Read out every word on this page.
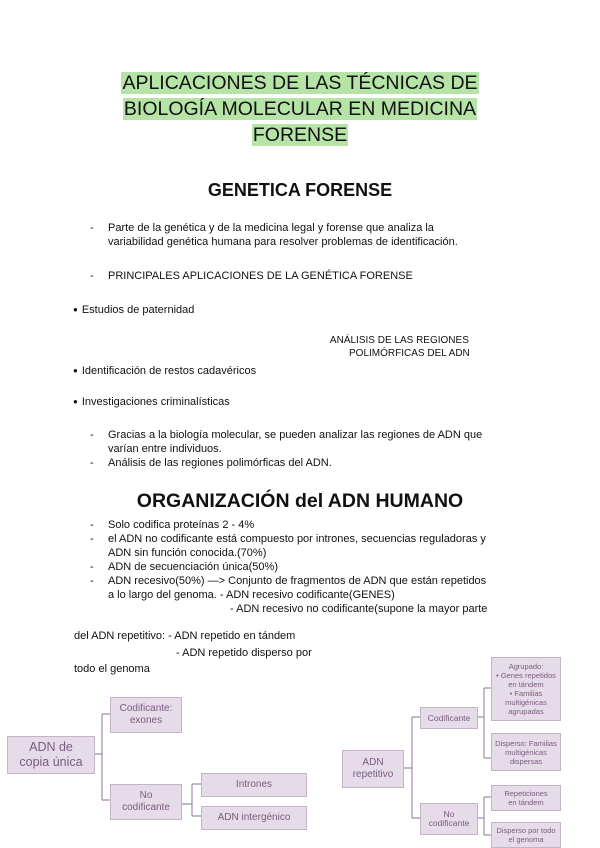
APLICACIONES DE LAS TÉCNICAS DE
BIOLOGÍA MOLECULAR EN MEDICINA
FORENSE
GENETICA FORENSE
- Parte de la genética y de la medicina legal y forense que analiza la
variabilidad genética humana para resolver problemas de identificación.
- PRINCIPALES APLICACIONES DE LA GENÉTICA FORENSE
● Estudios de paternidad
ANÁLISIS DE LAS REGIONES
POLIMÓRFICAS DEL ADN
● Identificación de restos cadavéricos
● Investigaciones criminalísticas
- Gracias a la biología molecular, se pueden analizar las regiones de ADN que
varían entre individuos.
- Análisis de las regiones polimórficas del ADN.
ORGANIZACIÓN del ADN HUMANO
- Solo codifica proteínas 2 - 4%
- el ADN no codificante está compuesto por intrones, secuencias reguladoras y
ADN sin función conocida.(70%)
- ADN de secuenciación única(50%)
- ADN recesivo(50%) —> Conjunto de fragmentos de ADN que están repetidos
a lo largo del genoma. - ADN recesivo codificante(GENES)
- ADN recesivo no codificante(supone la mayor parte
del ADN repetitivo: - ADN repetido en tándem
- ADN repetido disperso por
todo el genoma
ADN de
copia única
Codificante:
exones
No
codificante
Intrones
ADN intergénico
ADN
repetitivo
Codificante
No
codificante
Agrupado:
• Genes repetidos
en tándem
• Familias
multigénicas
agrupadas
Disperso: Familias
multigénicas
dispersas
Repeticiones
en tándem
Disperso por todo
el genoma
